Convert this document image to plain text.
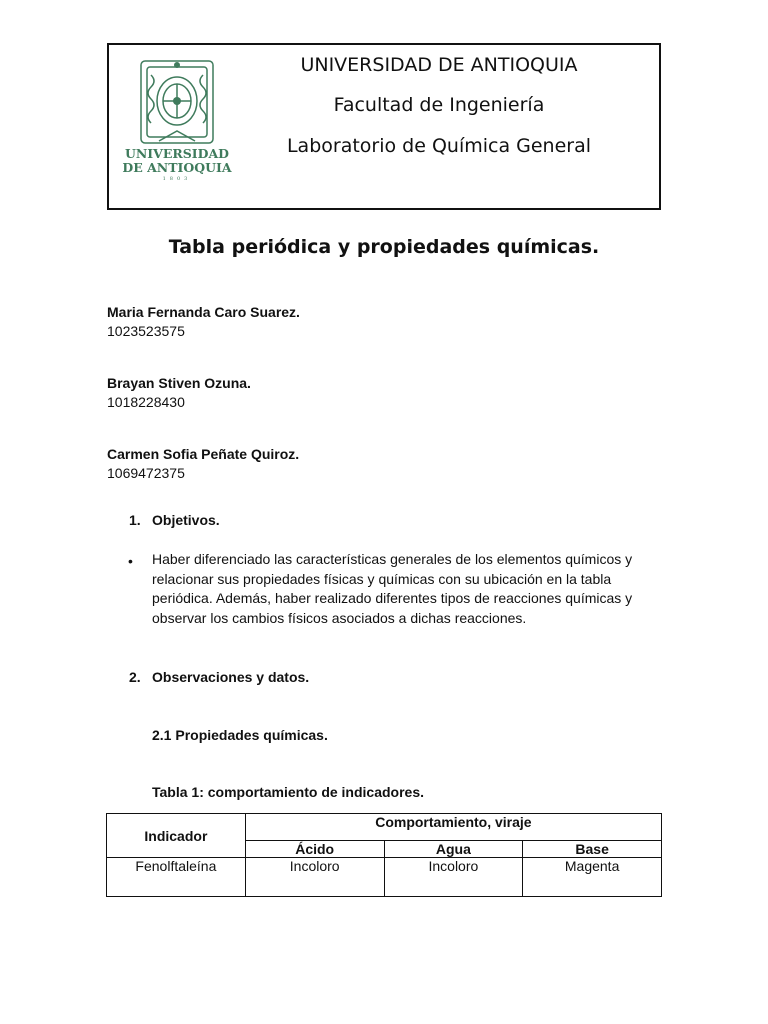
UNIVERSIDAD
DE ANTIOQUIA
1803
UNIVERSIDAD DE ANTIOQUIA
Facultad de Ingeniería
Laboratorio de Química General
Tabla periódica y propiedades químicas.
Maria Fernanda Caro Suarez.
1023523575
Brayan Stiven Ozuna.
1018228430
Carmen Sofia Peñate Quiroz.
1069472375
1. Objetivos.
• Haber diferenciado las características generales de los elementos químicos y relacionar sus propiedades físicas y químicas con su ubicación en la tabla periódica. Además, haber realizado diferentes tipos de reacciones químicas y observar los cambios físicos asociados a dichas reacciones.
2. Observaciones y datos.
2.1 Propiedades químicas.
Tabla 1: comportamiento de indicadores.
Indicador	Comportamiento, viraje		
	Ácido	Agua	Base
Fenolftaleína	Incoloro	Incoloro	Magenta
